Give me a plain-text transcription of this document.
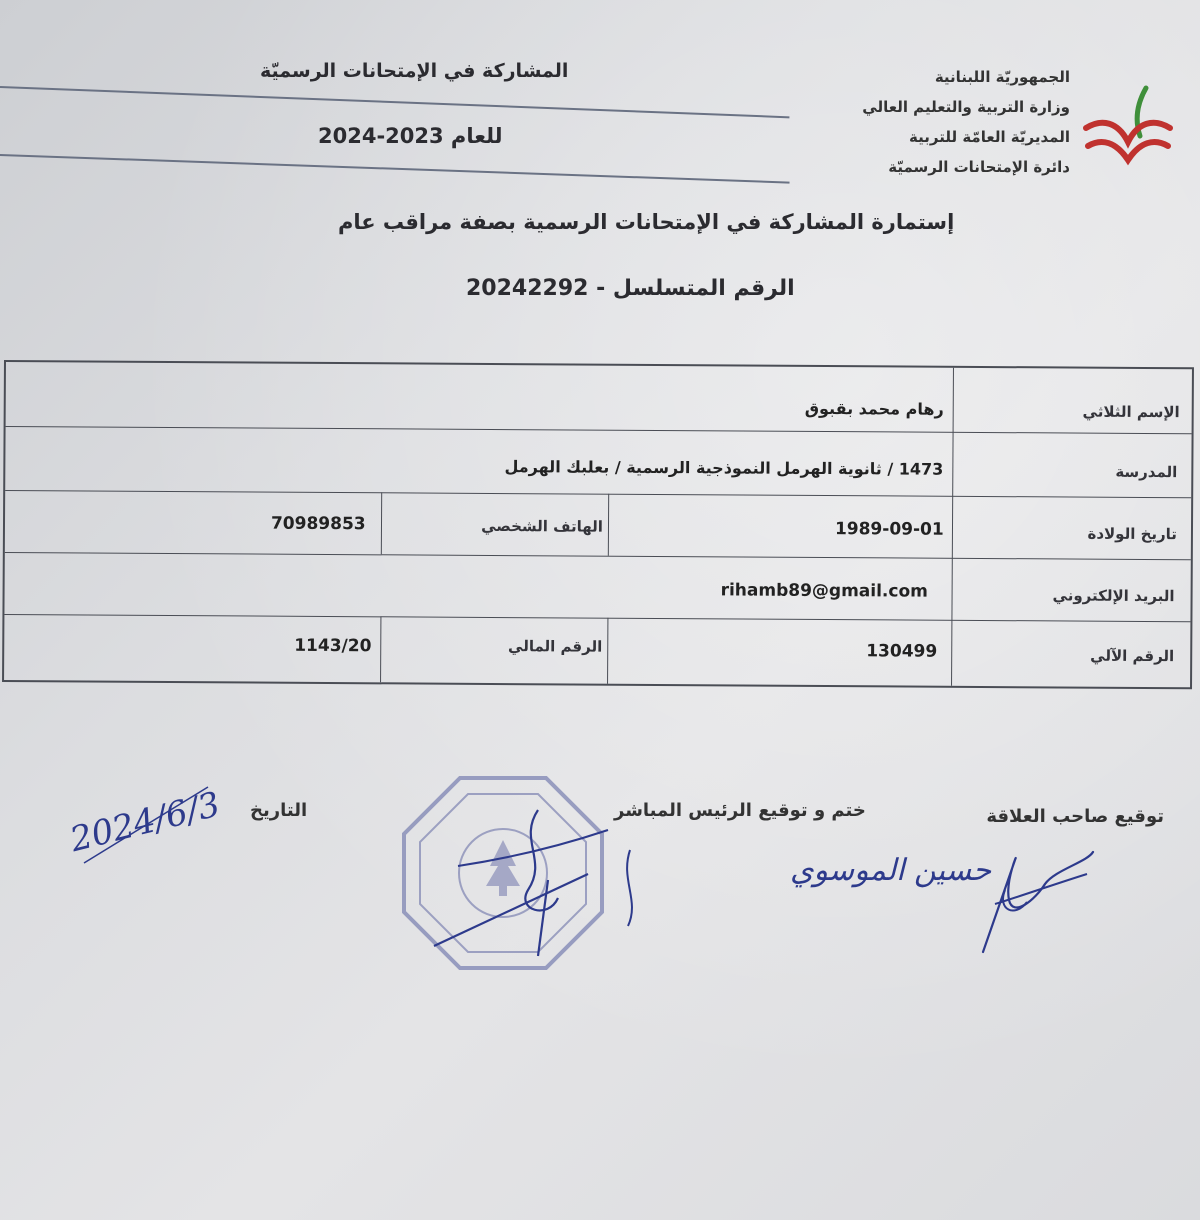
الجمهوريّة اللبنانية
وزارة التربية والتعليم العالي
المديريّة العامّة للتربية
دائرة الإمتحانات الرسميّة
المشاركة في الإمتحانات الرسميّة
للعام 2023-2024
إستمارة المشاركة في الإمتحانات الرسمية بصفة مراقب عام
الرقم المتسلسل - 20242292
الإسم الثلاثي
رهام محمد بقبوق
المدرسة
1473 / ثانوية الهرمل النموذجية الرسمية / بعلبك الهرمل
تاريخ الولادة
1989-09-01
الهاتف الشخصي
70989853
البريد الإلكتروني
rihamb89@gmail.com
الرقم الآلي
130499
الرقم المالي
1143/20
توقيع صاحب العلاقة
ختم و توقيع الرئيس المباشر
التاريخ
2024/6/3
حسين الموسوي
